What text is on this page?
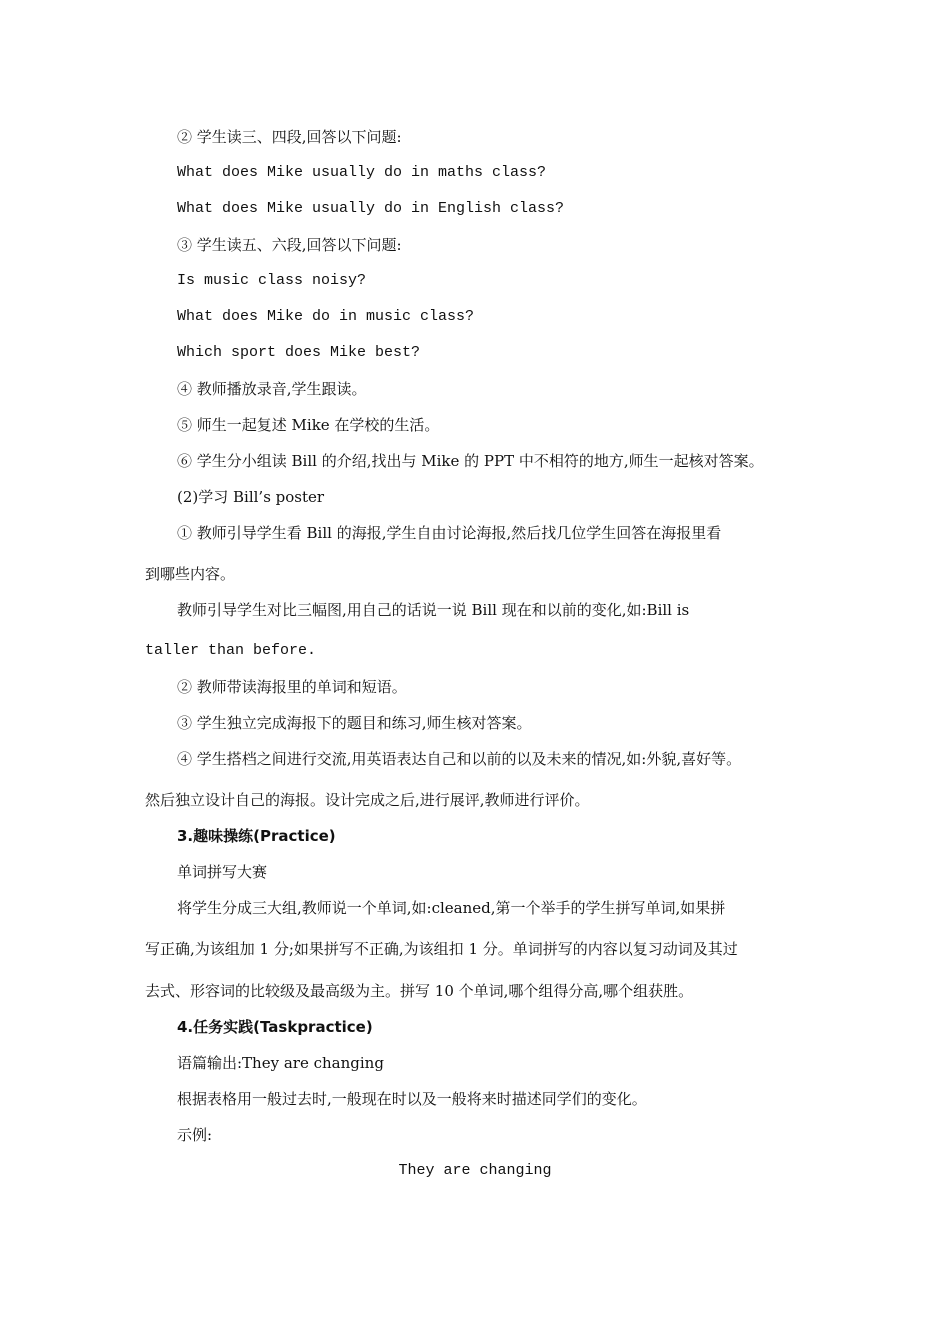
② 学生读三、四段,回答以下问题:

What does Mike usually do in maths class?

What does Mike usually do in English class?

③ 学生读五、六段,回答以下问题:

Is music class noisy?

What does Mike do in music class?

Which sport does Mike best?

④ 教师播放录音,学生跟读。

⑤ 师生一起复述 Mike 在学校的生活。

⑥ 学生分小组读 Bill 的介绍,找出与 Mike 的 PPT 中不相符的地方,师生一起核对答案。

(2)学习 Bill’s poster

① 教师引导学生看 Bill 的海报,学生自由讨论海报,然后找几位学生回答在海报里看

到哪些内容。

教师引导学生对比三幅图,用自己的话说一说 Bill 现在和以前的变化,如:Bill is

taller than before.

② 教师带读海报里的单词和短语。

③ 学生独立完成海报下的题目和练习,师生核对答案。

④ 学生搭档之间进行交流,用英语表达自己和以前的以及未来的情况,如:外貌,喜好等。

然后独立设计自己的海报。设计完成之后,进行展评,教师进行评价。

3.趣味操练(Practice)

单词拼写大赛

将学生分成三大组,教师说一个单词,如:cleaned,第一个举手的学生拼写单词,如果拼

写正确,为该组加 1 分;如果拼写不正确,为该组扣 1 分。单词拼写的内容以复习动词及其过

去式、形容词的比较级及最高级为主。拼写 10 个单词,哪个组得分高,哪个组获胜。

4.任务实践(Taskpractice)

语篇输出:They are changing

根据表格用一般过去时,一般现在时以及一般将来时描述同学们的变化。

示例:

They are changing
